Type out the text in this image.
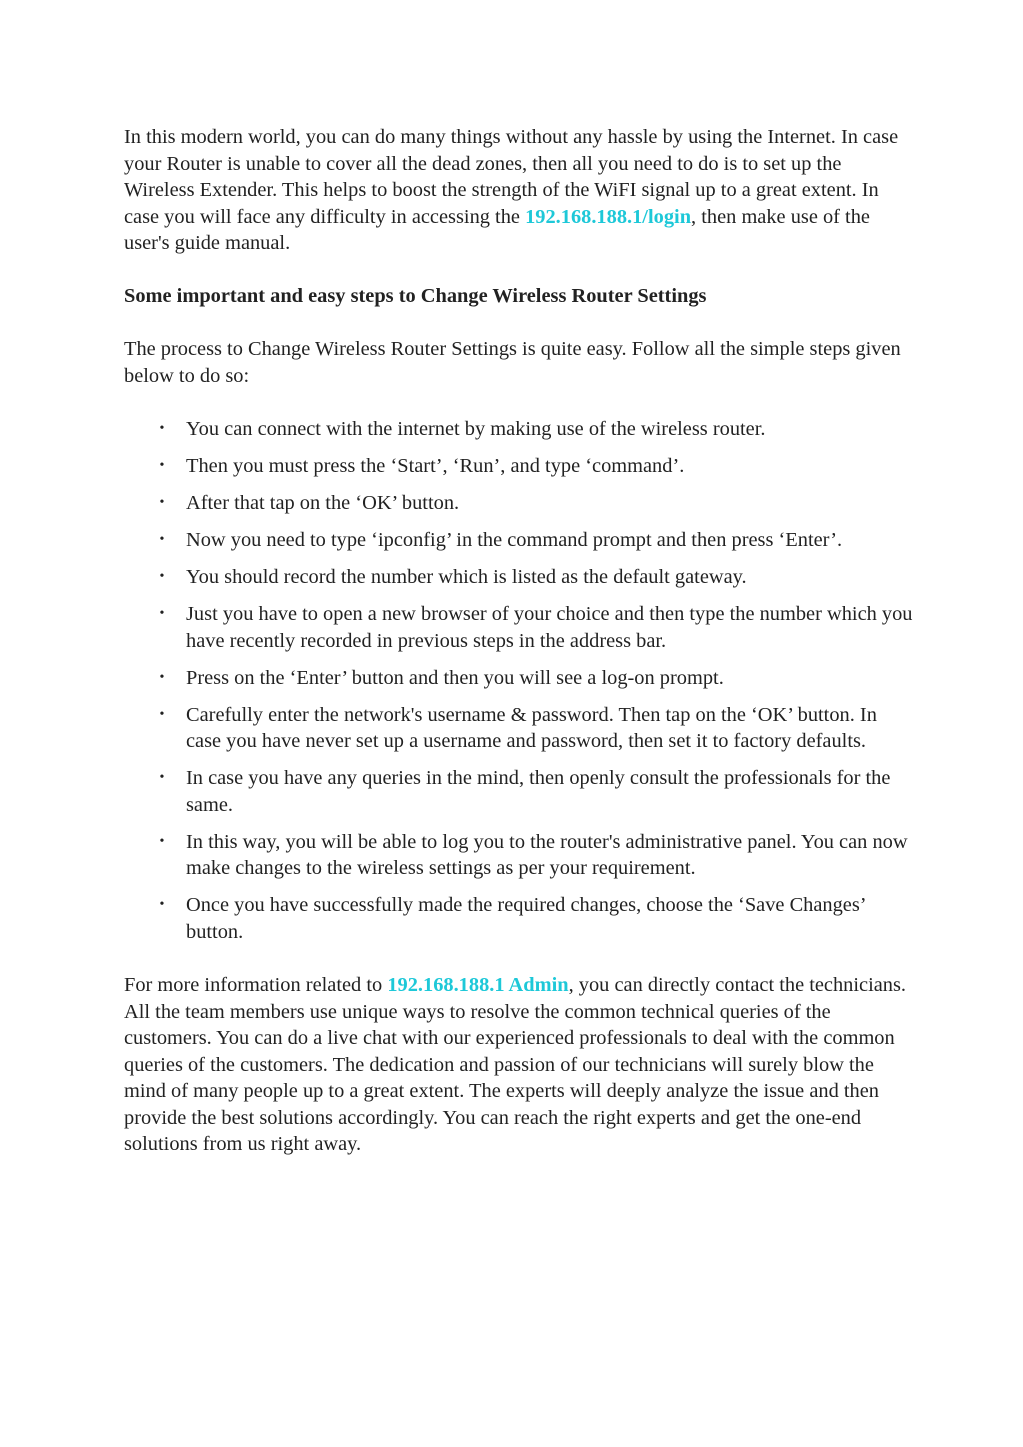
In this modern world, you can do many things without any hassle by using the Internet. In case your Router is unable to cover all the dead zones, then all you need to do is to set up the Wireless Extender. This helps to boost the strength of the WiFI signal up to a great extent. In case you will face any difficulty in accessing the 192.168.188.1/login, then make use of the user's guide manual.

Some important and easy steps to Change Wireless Router Settings

The process to Change Wireless Router Settings is quite easy. Follow all the simple steps given below to do so:

• You can connect with the internet by making use of the wireless router.
• Then you must press the ‘Start’, ‘Run’, and type ‘command’.
• After that tap on the ‘OK’ button.
• Now you need to type ‘ipconfig’ in the command prompt and then press ‘Enter’.
• You should record the number which is listed as the default gateway.
• Just you have to open a new browser of your choice and then type the number which you have recently recorded in previous steps in the address bar.
• Press on the ‘Enter’ button and then you will see a log-on prompt.
• Carefully enter the network's username & password. Then tap on the ‘OK’ button. In case you have never set up a username and password, then set it to factory defaults.
• In case you have any queries in the mind, then openly consult the professionals for the same.
• In this way, you will be able to log you to the router's administrative panel. You can now make changes to the wireless settings as per your requirement.
• Once you have successfully made the required changes, choose the ‘Save Changes’ button.

For more information related to 192.168.188.1 Admin, you can directly contact the technicians. All the team members use unique ways to resolve the common technical queries of the customers. You can do a live chat with our experienced professionals to deal with the common queries of the customers. The dedication and passion of our technicians will surely blow the mind of many people up to a great extent. The experts will deeply analyze the issue and then provide the best solutions accordingly. You can reach the right experts and get the one-end solutions from us right away.
